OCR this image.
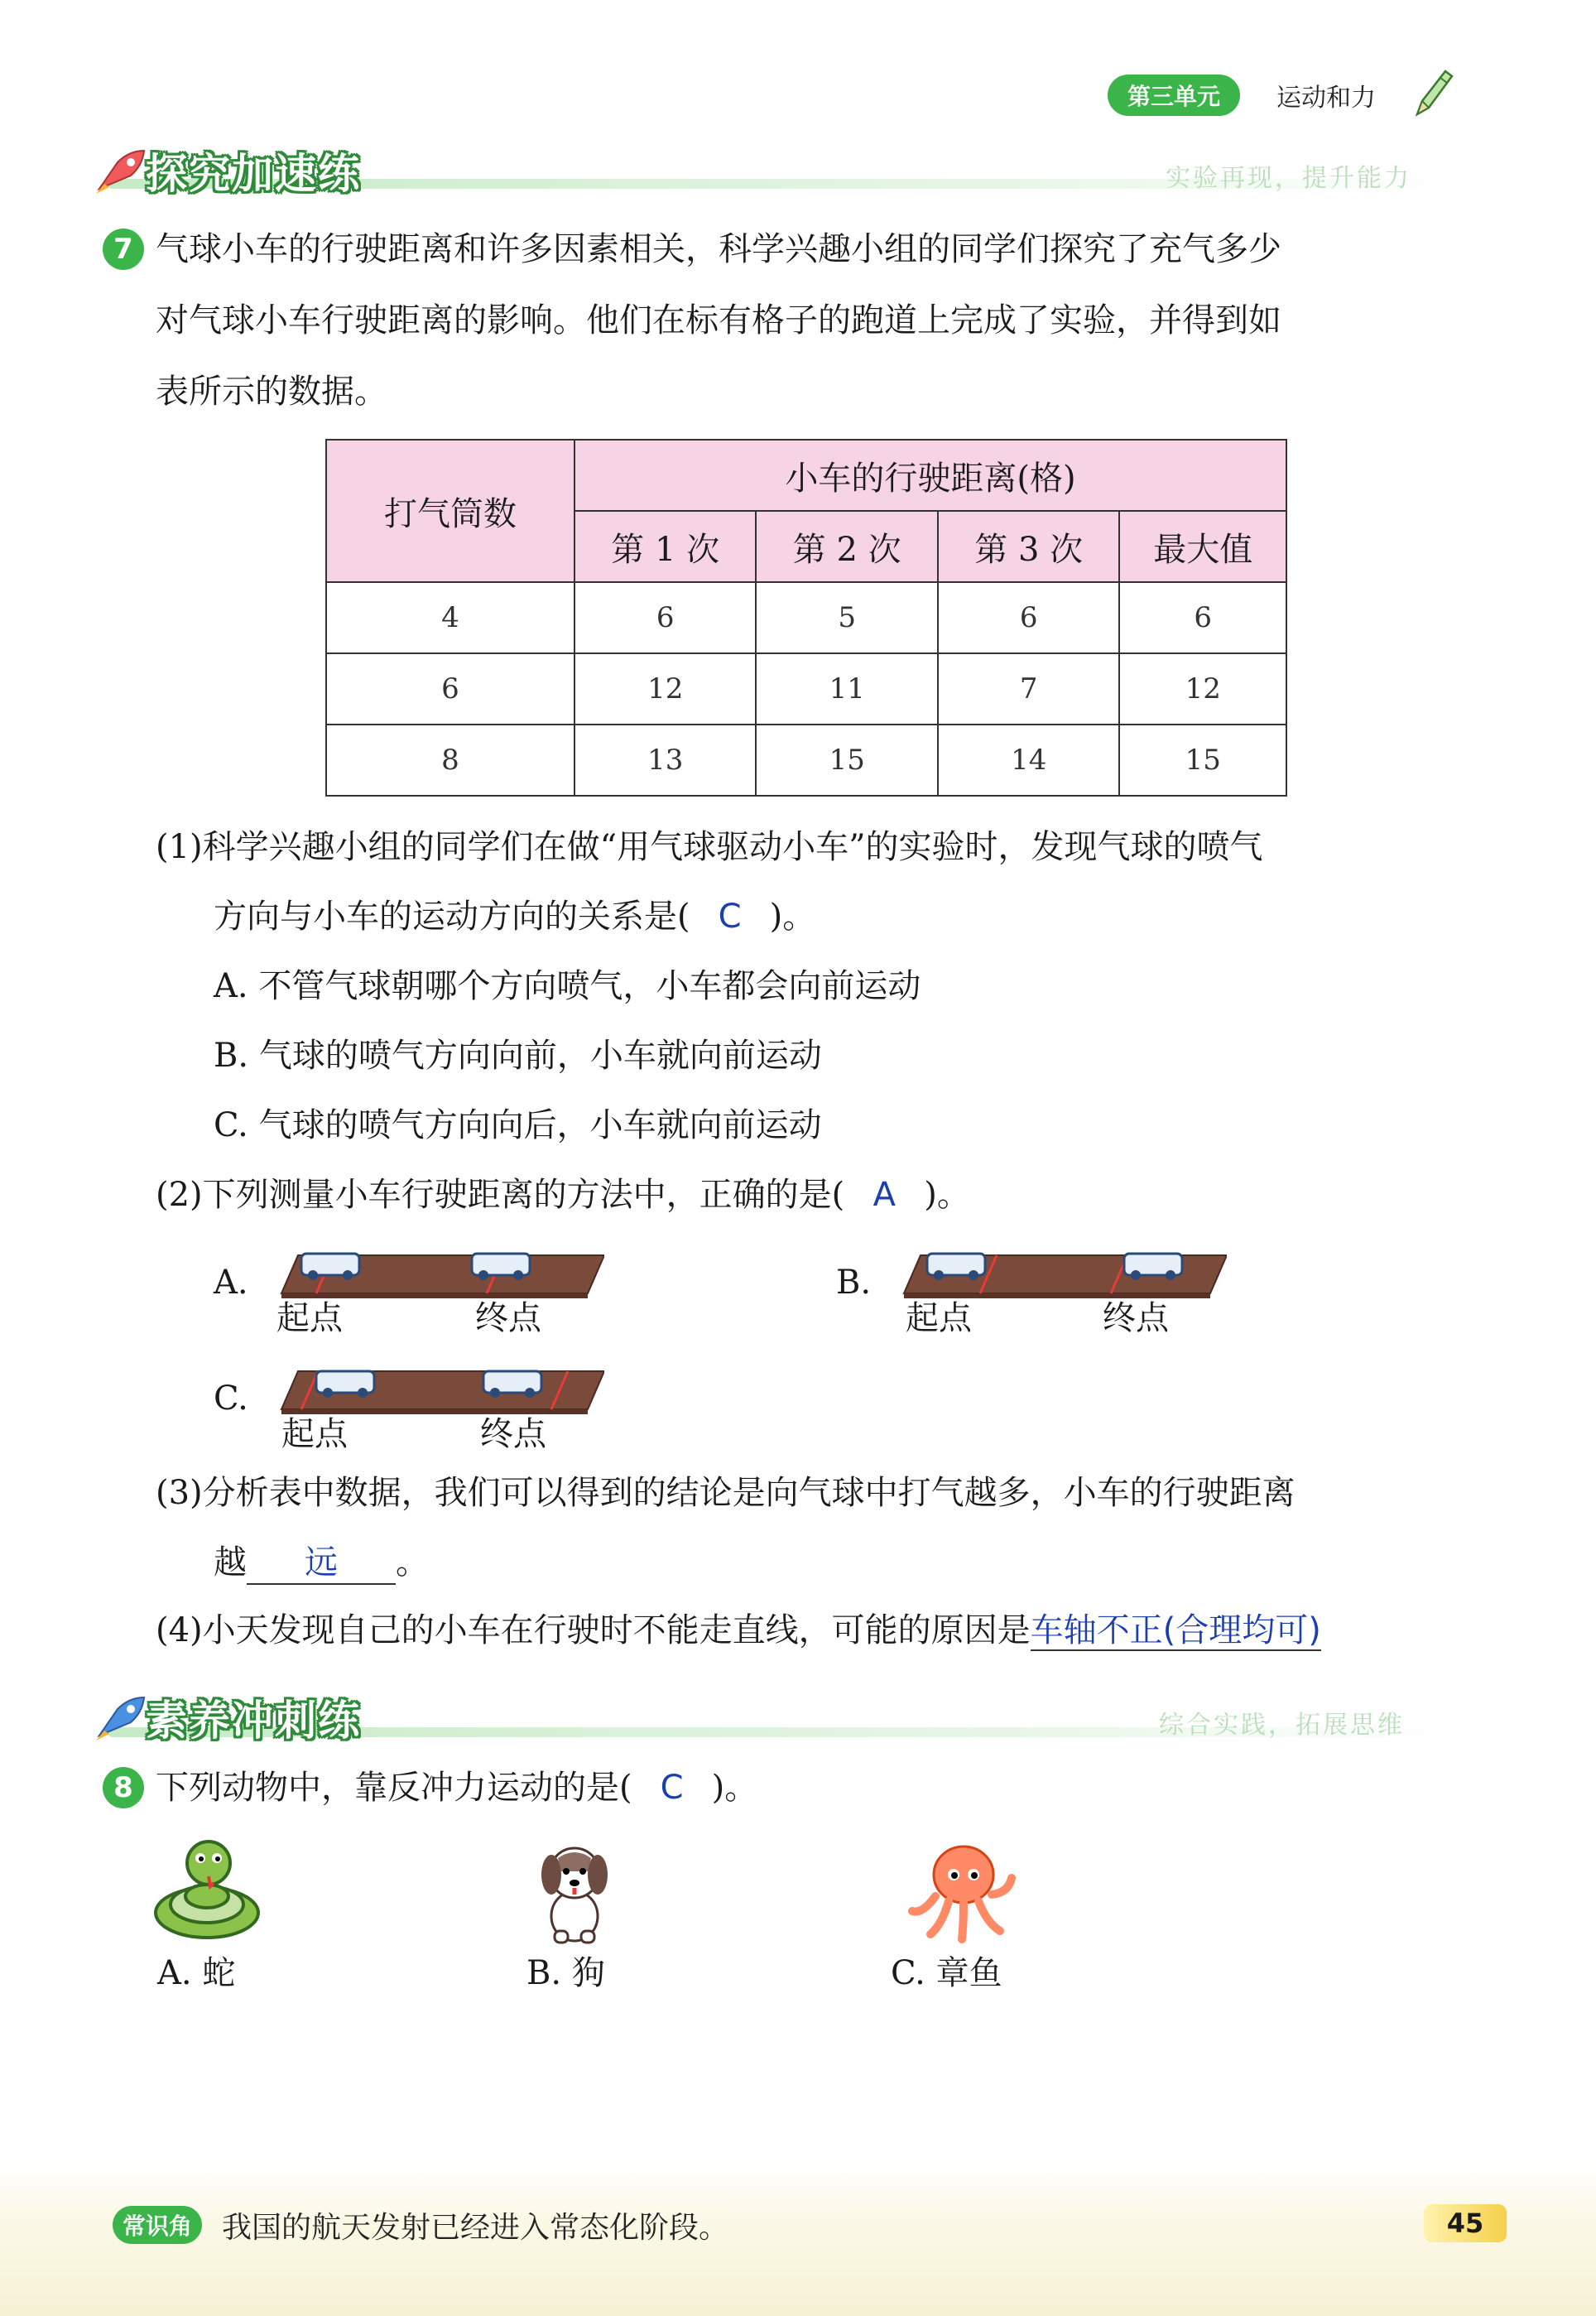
第三单元	运动和力
探究加速练	实验再现，提升能力
7 气球小车的行驶距离和许多因素相关，科学兴趣小组的同学们探究了充气多少
对气球小车行驶距离的影响。他们在标有格子的跑道上完成了实验，并得到如
表所示的数据。
打气筒数	小车的行驶距离(格)			
	第 1 次	第 2 次	第 3 次	最大值
4	6	5	6	6
6	12	11	7	12
8	13	15	14	15
(1)科学兴趣小组的同学们在做“用气球驱动小车”的实验时，发现气球的喷气
方向与小车的运动方向的关系是( C )。
A. 不管气球朝哪个方向喷气，小车都会向前运动
B. 气球的喷气方向向前，小车就向前运动
C. 气球的喷气方向向后，小车就向前运动
(2)下列测量小车行驶距离的方法中，正确的是( A )。
A.
起点	终点
B.
起点	终点
C.
起点	终点
(3)分析表中数据，我们可以得到的结论是向气球中打气越多，小车的行驶距离
越 远 。
(4)小天发现自己的小车在行驶时不能走直线，可能的原因是车轴不正(合理均可)
素养冲刺练	综合实践，拓展思维
8 下列动物中，靠反冲力运动的是( C )。
A. 蛇	B. 狗	C. 章鱼
常识角	我国的航天发射已经进入常态化阶段。	45
